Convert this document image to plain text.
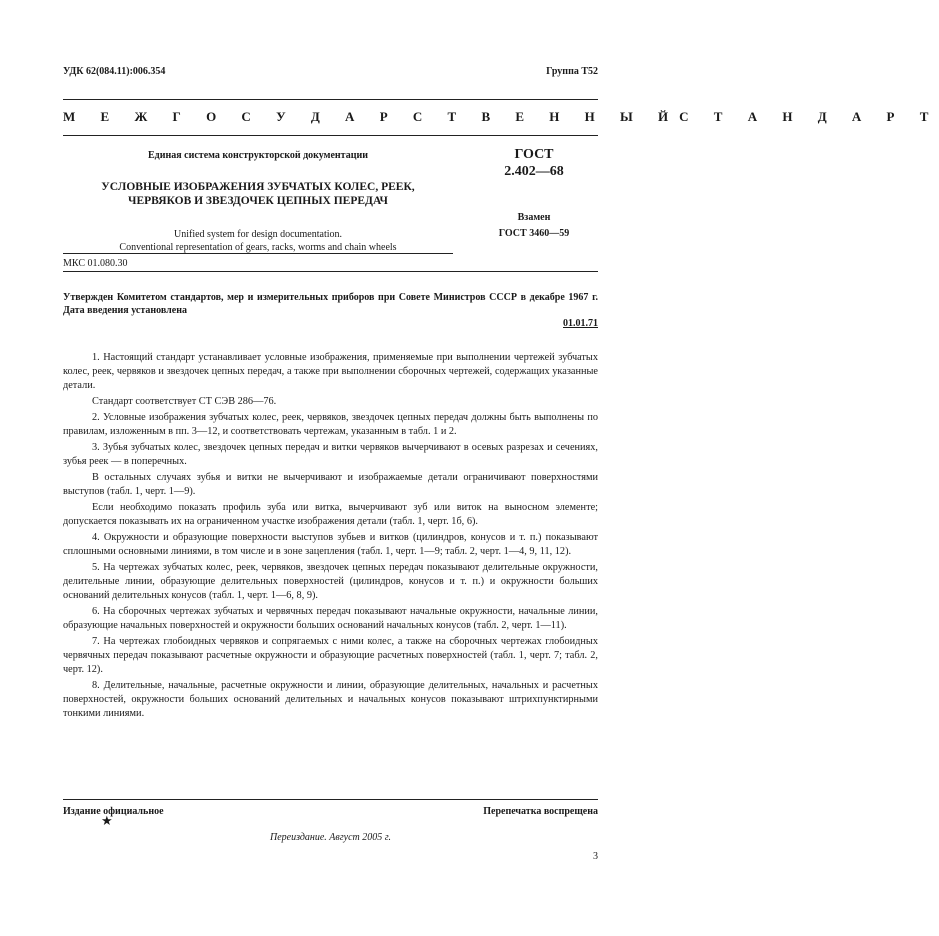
УДК 62(084.11):006.354	Группа Т52
М Е Ж Г О С У Д А Р С Т В Е Н Н Ы Й С Т А Н Д А Р Т
Единая система конструкторской документации
УСЛОВНЫЕ ИЗОБРАЖЕНИЯ ЗУБЧАТЫХ КОЛЕС, РЕЕК,
ЧЕРВЯКОВ И ЗВЕЗДОЧЕК ЦЕПНЫХ ПЕРЕДАЧ
Unified system for design documentation.
Conventional representation of gears, racks, worms and chain wheels
ГОСТ
2.402—68
Взамен
ГОСТ 3460—59
МКС 01.080.30
Утвержден Комитетом стандартов, мер и измерительных приборов при Совете Министров СССР в декабре 1967 г. Дата введения установлена
01.01.71
1. Настоящий стандарт устанавливает условные изображения, применяемые при выполнении чертежей зубчатых колес, реек, червяков и звездочек цепных передач, а также при выполнении сборочных чертежей, содержащих указанные детали.
Стандарт соответствует СТ СЭВ 286—76.
2. Условные изображения зубчатых колес, реек, червяков, звездочек цепных передач должны быть выполнены по правилам, изложенным в пп. 3—12, и соответствовать чертежам, указанным в табл. 1 и 2.
3. Зубья зубчатых колес, звездочек цепных передач и витки червяков вычерчивают в осевых разрезах и сечениях, зубья реек — в поперечных.
В остальных случаях зубья и витки не вычерчивают и изображаемые детали ограничивают поверхностями выступов (табл. 1, черт. 1—9).
Если необходимо показать профиль зуба или витка, вычерчивают зуб или виток на выносном элементе; допускается показывать их на ограниченном участке изображения детали (табл. 1, черт. 1б, 6).
4. Окружности и образующие поверхности выступов зубьев и витков (цилиндров, конусов и т. п.) показывают сплошными основными линиями, в том числе и в зоне зацепления (табл. 1, черт. 1—9; табл. 2, черт. 1—4, 9, 11, 12).
5. На чертежах зубчатых колес, реек, червяков, звездочек цепных передач показывают делительные окружности, делительные линии, образующие делительных поверхностей (цилиндров, конусов и т. п.) и окружности больших оснований делительных конусов (табл. 1, черт. 1—6, 8, 9).
6. На сборочных чертежах зубчатых и червячных передач показывают начальные окружности, начальные линии, образующие начальных поверхностей и окружности больших оснований начальных конусов (табл. 2, черт. 1—11).
7. На чертежах глобоидных червяков и сопрягаемых с ними колес, а также на сборочных чертежах глобоидных червячных передач показывают расчетные окружности и образующие расчетных поверхностей (табл. 1, черт. 7; табл. 2, черт. 12).
8. Делительные, начальные, расчетные окружности и линии, образующие делительных, начальных и расчетных поверхностей, окружности больших оснований делительных и начальных конусов показывают штрихпунктирными тонкими линиями.
Издание официальное	Перепечатка воспрещена
★
Переиздание. Август 2005 г.
3
